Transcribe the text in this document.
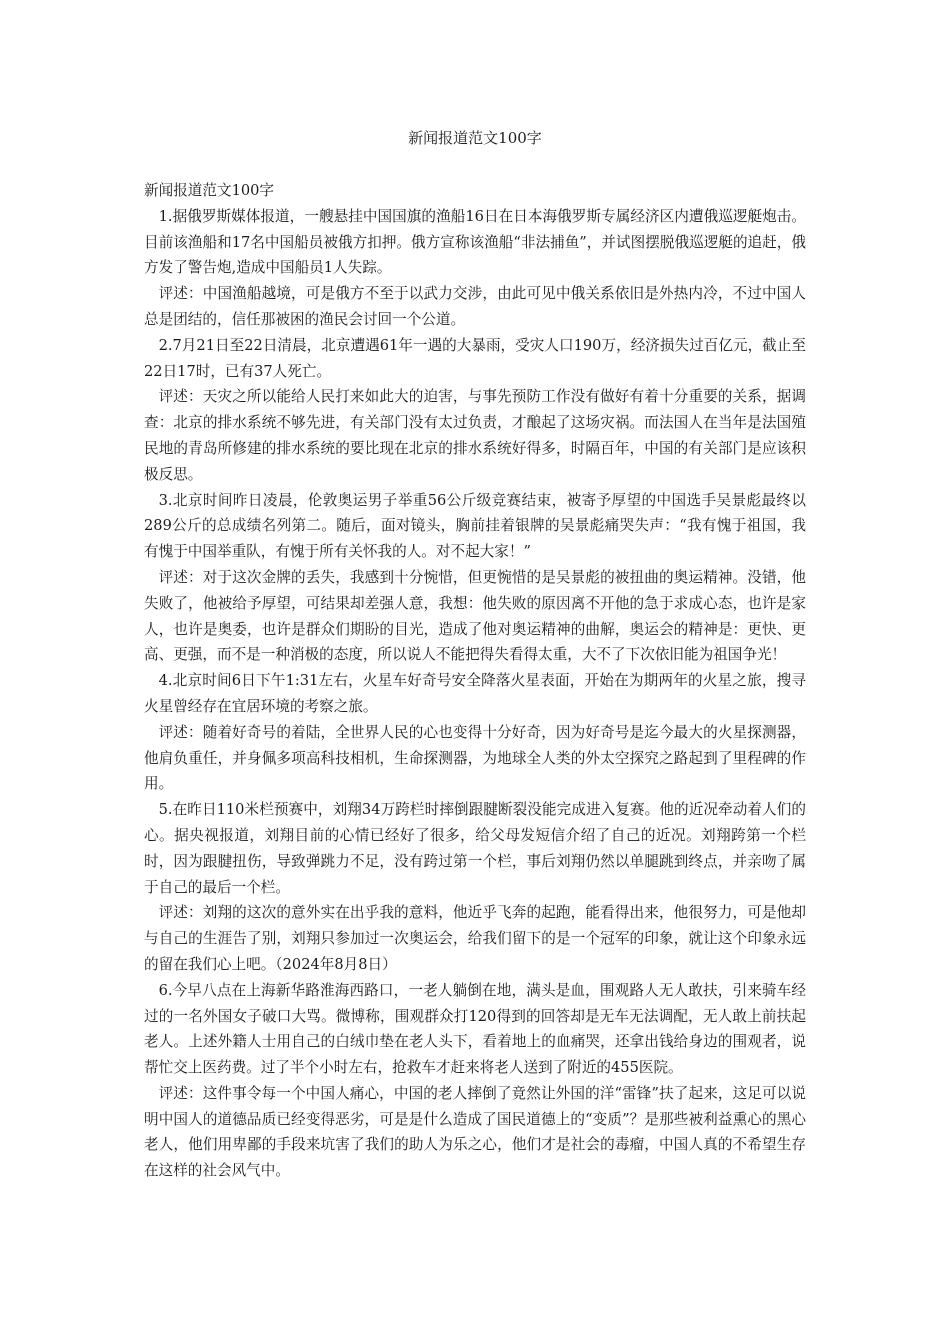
新闻报道范文100字

新闻报道范文100字

1.据俄罗斯媒体报道，一艘悬挂中国国旗的渔船16日在日本海俄罗斯专属经济区内遭俄巡逻艇炮击。目前该渔船和17名中国船员被俄方扣押。俄方宣称该渔船“非法捕鱼”，并试图摆脱俄巡逻艇的追赶，俄方发了警告炮,造成中国船员1人失踪。

评述：中国渔船越境，可是俄方不至于以武力交涉，由此可见中俄关系依旧是外热内冷，不过中国人总是团结的，信任那被困的渔民会讨回一个公道。

2.7月21日至22日清晨，北京遭遇61年一遇的大暴雨，受灾人口190万，经济损失过百亿元，截止至22日17时，已有37人死亡。

评述：天灾之所以能给人民打来如此大的迫害，与事先预防工作没有做好有着十分重要的关系，据调查：北京的排水系统不够先进，有关部门没有太过负责，才酿起了这场灾祸。而法国人在当年是法国殖民地的青岛所修建的排水系统的要比现在北京的排水系统好得多，时隔百年，中国的有关部门是应该积极反思。

3.北京时间昨日凌晨，伦敦奥运男子举重56公斤级竞赛结束，被寄予厚望的中国选手吴景彪最终以289公斤的总成绩名列第二。随后，面对镜头，胸前挂着银牌的吴景彪痛哭失声：“我有愧于祖国，我有愧于中国举重队，有愧于所有关怀我的人。对不起大家！”

评述：对于这次金牌的丢失，我感到十分惋惜，但更惋惜的是吴景彪的被扭曲的奥运精神。没错，他失败了，他被给予厚望，可结果却差强人意，我想：他失败的原因离不开他的急于求成心态，也许是家人，也许是奥委，也许是群众们期盼的目光，造成了他对奥运精神的曲解，奥运会的精神是：更快、更高、更强，而不是一种消极的态度，所以说人不能把得失看得太重，大不了下次依旧能为祖国争光！

4.北京时间6日下午1:31左右，火星车好奇号安全降落火星表面，开始在为期两年的火星之旅，搜寻火星曾经存在宜居环境的考察之旅。

评述：随着好奇号的着陆，全世界人民的心也变得十分好奇，因为好奇号是迄今最大的火星探测器，他肩负重任，并身佩多项高科技相机，生命探测器，为地球全人类的外太空探究之路起到了里程碑的作用。

5.在昨日110米栏预赛中，刘翔34万跨栏时摔倒跟腱断裂没能完成进入复赛。他的近况牵动着人们的心。据央视报道，刘翔目前的心情已经好了很多，给父母发短信介绍了自己的近况。刘翔跨第一个栏时，因为跟腱扭伤，导致弹跳力不足，没有跨过第一个栏，事后刘翔仍然以单腿跳到终点，并亲吻了属于自己的最后一个栏。

评述：刘翔的这次的意外实在出乎我的意料，他近乎飞奔的起跑，能看得出来，他很努力，可是他却与自己的生涯告了别，刘翔只参加过一次奥运会，给我们留下的是一个冠军的印象，就让这个印象永远的留在我们心上吧。（2024年8月8日）

6.今早八点在上海新华路淮海西路口，一老人躺倒在地，满头是血，围观路人无人敢扶，引来骑车经过的一名外国女子破口大骂。微博称，围观群众打120得到的回答却是无车无法调配，无人敢上前扶起老人。上述外籍人士用自己的白绒巾垫在老人头下，看着地上的血痛哭，还拿出钱给身边的围观者，说帮忙交上医药费。过了半个小时左右，抢救车才赶来将老人送到了附近的455医院。

评述：这件事令每一个中国人痛心，中国的老人摔倒了竟然让外国的洋“雷锋”扶了起来，这足可以说明中国人的道德品质已经变得恶劣，可是是什么造成了国民道德上的“变质”？是那些被利益熏心的黑心老人，他们用卑鄙的手段来坑害了我们的助人为乐之心，他们才是社会的毒瘤，中国人真的不希望生存在这样的社会风气中。
